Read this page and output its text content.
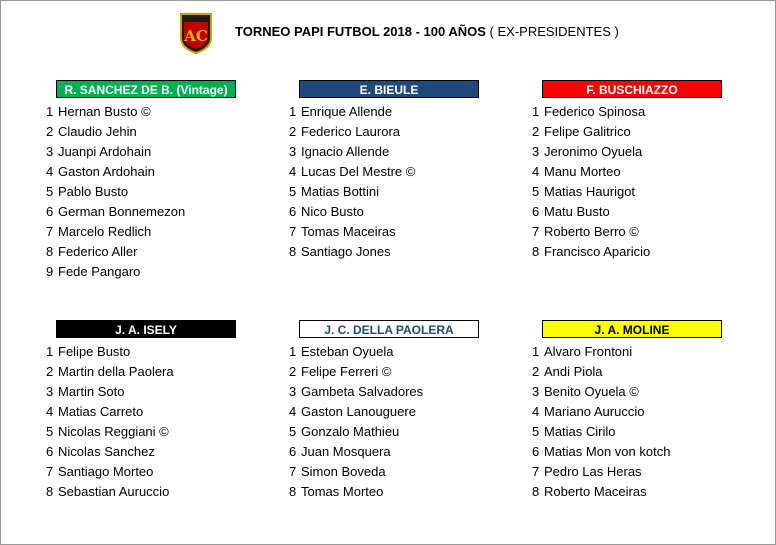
AC TORNEO PAPI FUTBOL 2018 - 100 AÑOS ( EX-PRESIDENTES )
R. SANCHEZ DE B. (Vintage)
1 Hernan Busto ©
2 Claudio Jehin
3 Juanpi Ardohain
4 Gaston Ardohain
5 Pablo Busto
6 German Bonnemezon
7 Marcelo Redlich
8 Federico Aller
9 Fede Pangaro
E. BIEULE
1 Enrique Allende
2 Federico Laurora
3 Ignacio Allende
4 Lucas Del Mestre ©
5 Matias Bottini
6 Nico Busto
7 Tomas Maceiras
8 Santiago Jones
F. BUSCHIAZZO
1 Federico Spinosa
2 Felipe Galitrico
3 Jeronimo Oyuela
4 Manu Morteo
5 Matias Haurigot
6 Matu Busto
7 Roberto Berro ©
8 Francisco Aparicio
J. A. ISELY
1 Felipe Busto
2 Martin della Paolera
3 Martin Soto
4 Matias Carreto
5 Nicolas Reggiani ©
6 Nicolas Sanchez
7 Santiago Morteo
8 Sebastian Auruccio
J. C. DELLA PAOLERA
1 Esteban Oyuela
2 Felipe Ferreri ©
3 Gambeta Salvadores
4 Gaston Lanouguere
5 Gonzalo Mathieu
6 Juan Mosquera
7 Simon Boveda
8 Tomas Morteo
J. A. MOLINE
1 Alvaro Frontoni
2 Andi Piola
3 Benito Oyuela ©
4 Mariano Auruccio
5 Matias Cirilo
6 Matias Mon von kotch
7 Pedro Las Heras
8 Roberto Maceiras
